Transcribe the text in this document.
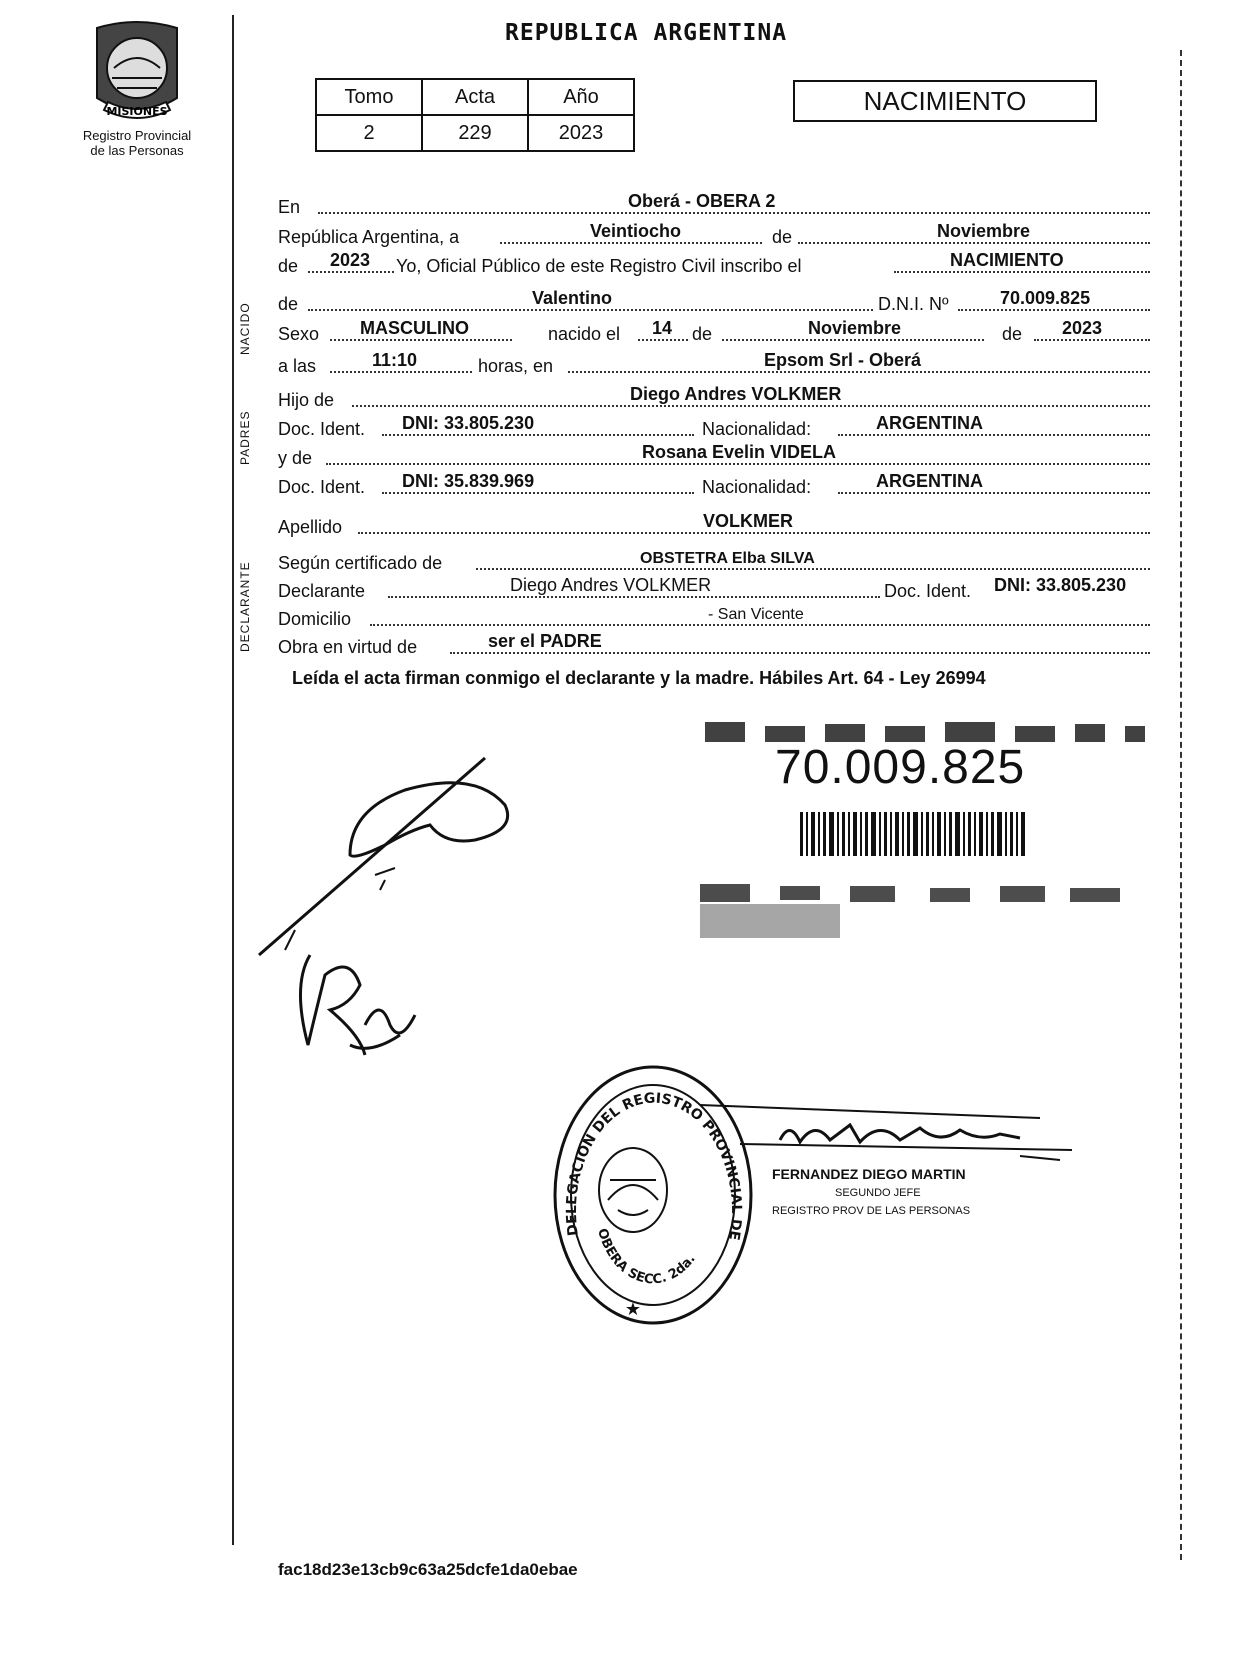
MISIONES
Registro Provincial
de las Personas
REPUBLICA ARGENTINA
Tomo	Acta	Año
2	229	2023
NACIMIENTO
NACIDO
PADRES
DECLARANTE
En	Oberá - OBERA 2
República Argentina, a	Veintiocho	de	Noviembre
de 2023 Yo, Oficial Público de este Registro Civil inscribo el	NACIMIENTO
de	Valentino	D.N.I. Nº	70.009.825
Sexo MASCULINO	nacido el 14 de	Noviembre	de 2023
a las	11:10	horas, en	Epsom Srl - Oberá
Hijo de	Diego Andres VOLKMER
Doc. Ident. DNI: 33.805.230	Nacionalidad:	ARGENTINA
y de	Rosana Evelin VIDELA
Doc. Ident. DNI: 35.839.969	Nacionalidad:	ARGENTINA
Apellido	VOLKMER
Según certificado de	OBSTETRA Elba SILVA
Declarante	Diego Andres VOLKMER	Doc. Ident. DNI: 33.805.230
Domicilio	- San Vicente
Obra en virtud de	ser el PADRE
Leída el acta firman conmigo el declarante y la madre. Hábiles Art. 64 - Ley 26994
70.009.825
DELEGACION DEL REGISTRO PROVINCIAL DE
OBERA SECC. 2da.
★
FERNANDEZ DIEGO MARTIN
SEGUNDO JEFE
REGISTRO PROV DE LAS PERSONAS
fac18d23e13cb9c63a25dcfe1da0ebae
